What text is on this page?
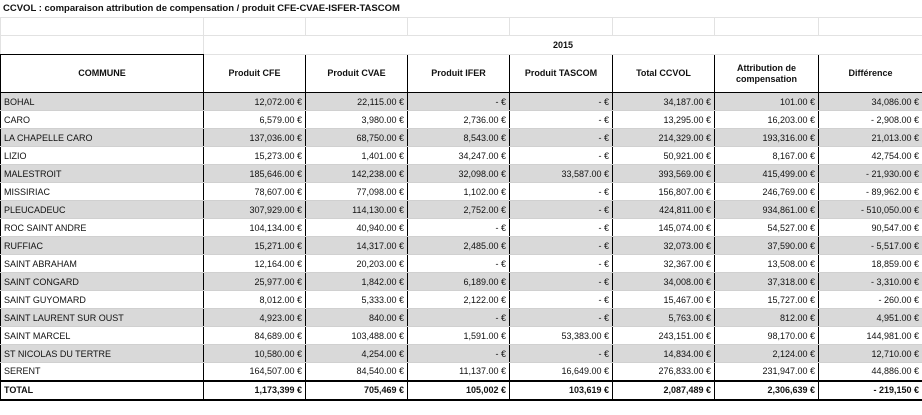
CCVOL : comparaison attribution de compensation / produit CFE-CVAE-ISFER-TASCOM

	2015						
COMMUNE	Produit CFE	Produit CVAE	Produit IFER	Produit TASCOM	Total CCVOL	Attribution de compensation	Différence
BOHAL	12,072.00 €	22,115.00 €	- €	- €	34,187.00 €	101.00 €	34,086.00 €
CARO	6,579.00 €	3,980.00 €	2,736.00 €	- €	13,295.00 €	16,203.00 €	- 2,908.00 €
LA CHAPELLE CARO	137,036.00 €	68,750.00 €	8,543.00 €	- €	214,329.00 €	193,316.00 €	21,013.00 €
LIZIO	15,273.00 €	1,401.00 €	34,247.00 €	- €	50,921.00 €	8,167.00 €	42,754.00 €
MALESTROIT	185,646.00 €	142,238.00 €	32,098.00 €	33,587.00 €	393,569.00 €	415,499.00 €	- 21,930.00 €
MISSIRIAC	78,607.00 €	77,098.00 €	1,102.00 €	- €	156,807.00 €	246,769.00 €	- 89,962.00 €
PLEUCADEUC	307,929.00 €	114,130.00 €	2,752.00 €	- €	424,811.00 €	934,861.00 €	- 510,050.00 €
ROC SAINT ANDRE	104,134.00 €	40,940.00 €	- €	- €	145,074.00 €	54,527.00 €	90,547.00 €
RUFFIAC	15,271.00 €	14,317.00 €	2,485.00 €	- €	32,073.00 €	37,590.00 €	- 5,517.00 €
SAINT ABRAHAM	12,164.00 €	20,203.00 €	- €	- €	32,367.00 €	13,508.00 €	18,859.00 €
SAINT CONGARD	25,977.00 €	1,842.00 €	6,189.00 €	- €	34,008.00 €	37,318.00 €	- 3,310.00 €
SAINT GUYOMARD	8,012.00 €	5,333.00 €	2,122.00 €	- €	15,467.00 €	15,727.00 €	- 260.00 €
SAINT LAURENT SUR OUST	4,923.00 €	840.00 €	- €	- €	5,763.00 €	812.00 €	4,951.00 €
SAINT MARCEL	84,689.00 €	103,488.00 €	1,591.00 €	53,383.00 €	243,151.00 €	98,170.00 €	144,981.00 €
ST NICOLAS DU TERTRE	10,580.00 €	4,254.00 €	- €	- €	14,834.00 €	2,124.00 €	12,710.00 €
SERENT	164,507.00 €	84,540.00 €	11,137.00 €	16,649.00 €	276,833.00 €	231,947.00 €	44,886.00 €
TOTAL	1,173,399 €	705,469 €	105,002 €	103,619 €	2,087,489 €	2,306,639 €	- 219,150 €
